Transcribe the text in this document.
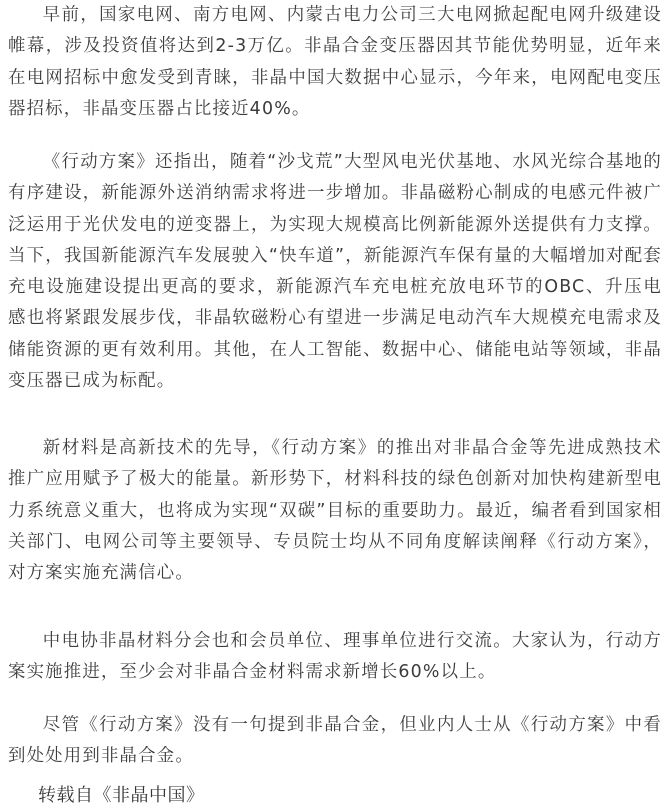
早前，国家电网、南方电网、内蒙古电力公司三大电网掀起配电网升级建设帷幕，涉及投资值将达到2-3万亿。非晶合金变压器因其节能优势明显，近年来在电网招标中愈发受到青睐，非晶中国大数据中心显示，今年来，电网配电变压器招标，非晶变压器占比接近40%。

《行动方案》还指出，随着“沙戈荒”大型风电光伏基地、水风光综合基地的有序建设，新能源外送消纳需求将进一步增加。非晶磁粉心制成的电感元件被广泛运用于光伏发电的逆变器上，为实现大规模高比例新能源外送提供有力支撑。当下，我国新能源汽车发展驶入“快车道”，新能源汽车保有量的大幅增加对配套充电设施建设提出更高的要求，新能源汽车充电桩充放电环节的OBC、升压电感也将紧跟发展步伐，非晶软磁粉心有望进一步满足电动汽车大规模充电需求及储能资源的更有效利用。其他，在人工智能、数据中心、储能电站等领域，非晶变压器已成为标配。

新材料是高新技术的先导，《行动方案》的推出对非晶合金等先进成熟技术推广应用赋予了极大的能量。新形势下，材料科技的绿色创新对加快构建新型电力系统意义重大，也将成为实现“双碳”目标的重要助力。最近，编者看到国家相关部门、电网公司等主要领导、专员院士均从不同角度解读阐释《行动方案》，对方案实施充满信心。

中电协非晶材料分会也和会员单位、理事单位进行交流。大家认为，行动方案实施推进，至少会对非晶合金材料需求新增长60%以上。

尽管《行动方案》没有一句提到非晶合金，但业内人士从《行动方案》中看到处处用到非晶合金。

转载自《非晶中国》
